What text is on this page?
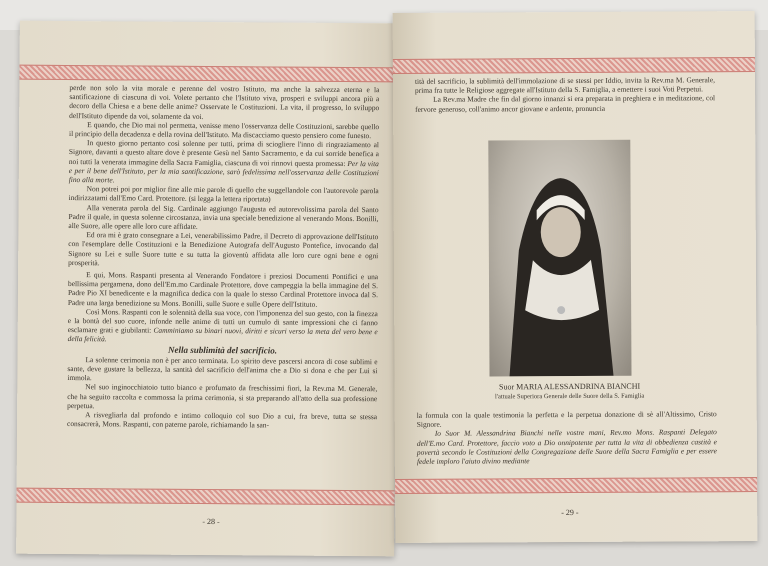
perde non solo la vita morale e perenne del vostro Istituto, ma anche la salvezza eterna e la santificazione di ciascuna di voi. Volete pertanto che l'Istituto viva, prosperi e sviluppi ancora più a decoro della Chiesa e a bene delle anime? Osservate le Costituzioni. La vita, il progresso, lo sviluppo dell'Istituto dipende da voi, solamente da voi.

E quando, che Dio mai nol permetta, venisse meno l'osservanza delle Costituzioni, sarebbe quello il principio della decadenza e della rovina dell'Istituto. Ma discacciamo questo pensiero come funesto.

In questo giorno pertanto così solenne per tutti, prima di sciogliere l'inno di ringraziamento al Signore, davanti a questo altare dove è presente Gesù nel Santo Sacramento, e da cui sorride benefica a noi tutti la venerata immagine della Sacra Famiglia, ciascuna di voi rinnovi questa promessa: Per la vita e per il bene dell'Istituto, per la mia santificazione, sarò fedelissima nell'osservanza delle Costituzioni fino alla morte.

Non potrei poi por miglior fine alle mie parole di quello che suggellandole con l'autorevole parola indirizzatami dall'Emo Card. Protettore. (si legga la lettera riportata)

Alla venerata parola del Sig. Cardinale aggiungo l'augusta ed autorevolissima parola del Santo Padre il quale, in questa solenne circostanza, invia una speciale benedizione al venerando Mons. Bonilli, alle Suore, alle opere alle loro cure affidate.

Ed ora mi è grato consegnare a Lei, venerabilissimo Padre, il Decreto di approvazione dell'Istituto con l'esemplare delle Costituzioni e la Benedizione Autografa dell'Augusto Pontefice, invocando dal Signore su Lei e sulle Suore tutte e su tutta la gioventù affidata alle loro cure ogni bene e ogni prosperità.

E qui, Mons. Raspanti presenta al Venerando Fondatore i preziosi Documenti Pontifici e una bellissima pergamena, dono dell'Em.mo Cardinale Protettore, dove campeggia la bella immagine del S. Padre Pio XI benedicente e la magnifica dedica con la quale lo stesso Cardinal Protettore invoca dal S. Padre una larga benedizione su Mons. Bonilli, sulle Suore e sulle Opere dell'Istituto.

Così Mons. Raspanti con le solennità della sua voce, con l'imponenza del suo gesto, con la finezza e la bontà del suo cuore, infonde nelle anime di tutti un cumulo di sante impressioni che ci fanno esclamare grati e giubilanti: Camminiamo su binari nuovi, diritti e sicuri verso la meta del vero bene e della felicità.

Nella sublimità del sacrificio.

La solenne cerimonia non è per anco terminata. Lo spirito deve pascersi ancora di cose sublimi e sante, deve gustare la bellezza, la santità del sacrificio dell'anima che a Dio si dona e che per Lui si immola.

Nel suo inginocchiatoio tutto bianco e profumato da freschissimi fiori, la Rev.ma M. Generale, che ha seguito raccolta e commossa la prima cerimonia, si sta preparando all'atto della sua professione perpetua.

A risvegliarla dal profondo e intimo colloquio col suo Dio a cui, fra breve, tutta se stessa consacrerà, Mons. Raspanti, con paterne parole, richiamando la san-

- 28 -

tità del sacrificio, la sublimità dell'immolazione di se stessi per Iddio, invita la Rev.ma M. Generale, prima fra tutte le Religiose aggregate all'Istituto della S. Famiglia, a emettere i suoi Voti Perpetui.

La Rev.ma Madre che fin dal giorno innanzi si era preparata in preghiera e in meditazione, col fervore generoso, coll'animo ancor giovane e ardente, pronuncia

Suor MARIA ALESSANDRINA BIANCHI
l'attuale Superiora Generale delle Suore della S. Famiglia

la formula con la quale testimonia la perfetta e la perpetua donazione di sè all'Altissimo, Cristo Signore.

Io Suor M. Alessandrina Bianchi nelle vostre mani, Rev.mo Mons. Raspanti Delegato dell'E.mo Card. Protettore, faccio voto a Dio onnipotente per tutta la vita di obbedienza castità e povertà secondo le Costituzioni della Congregazione delle Suore della Sacra Famiglia e per essere fedele imploro l'aiuto divino mediante

- 29 -
